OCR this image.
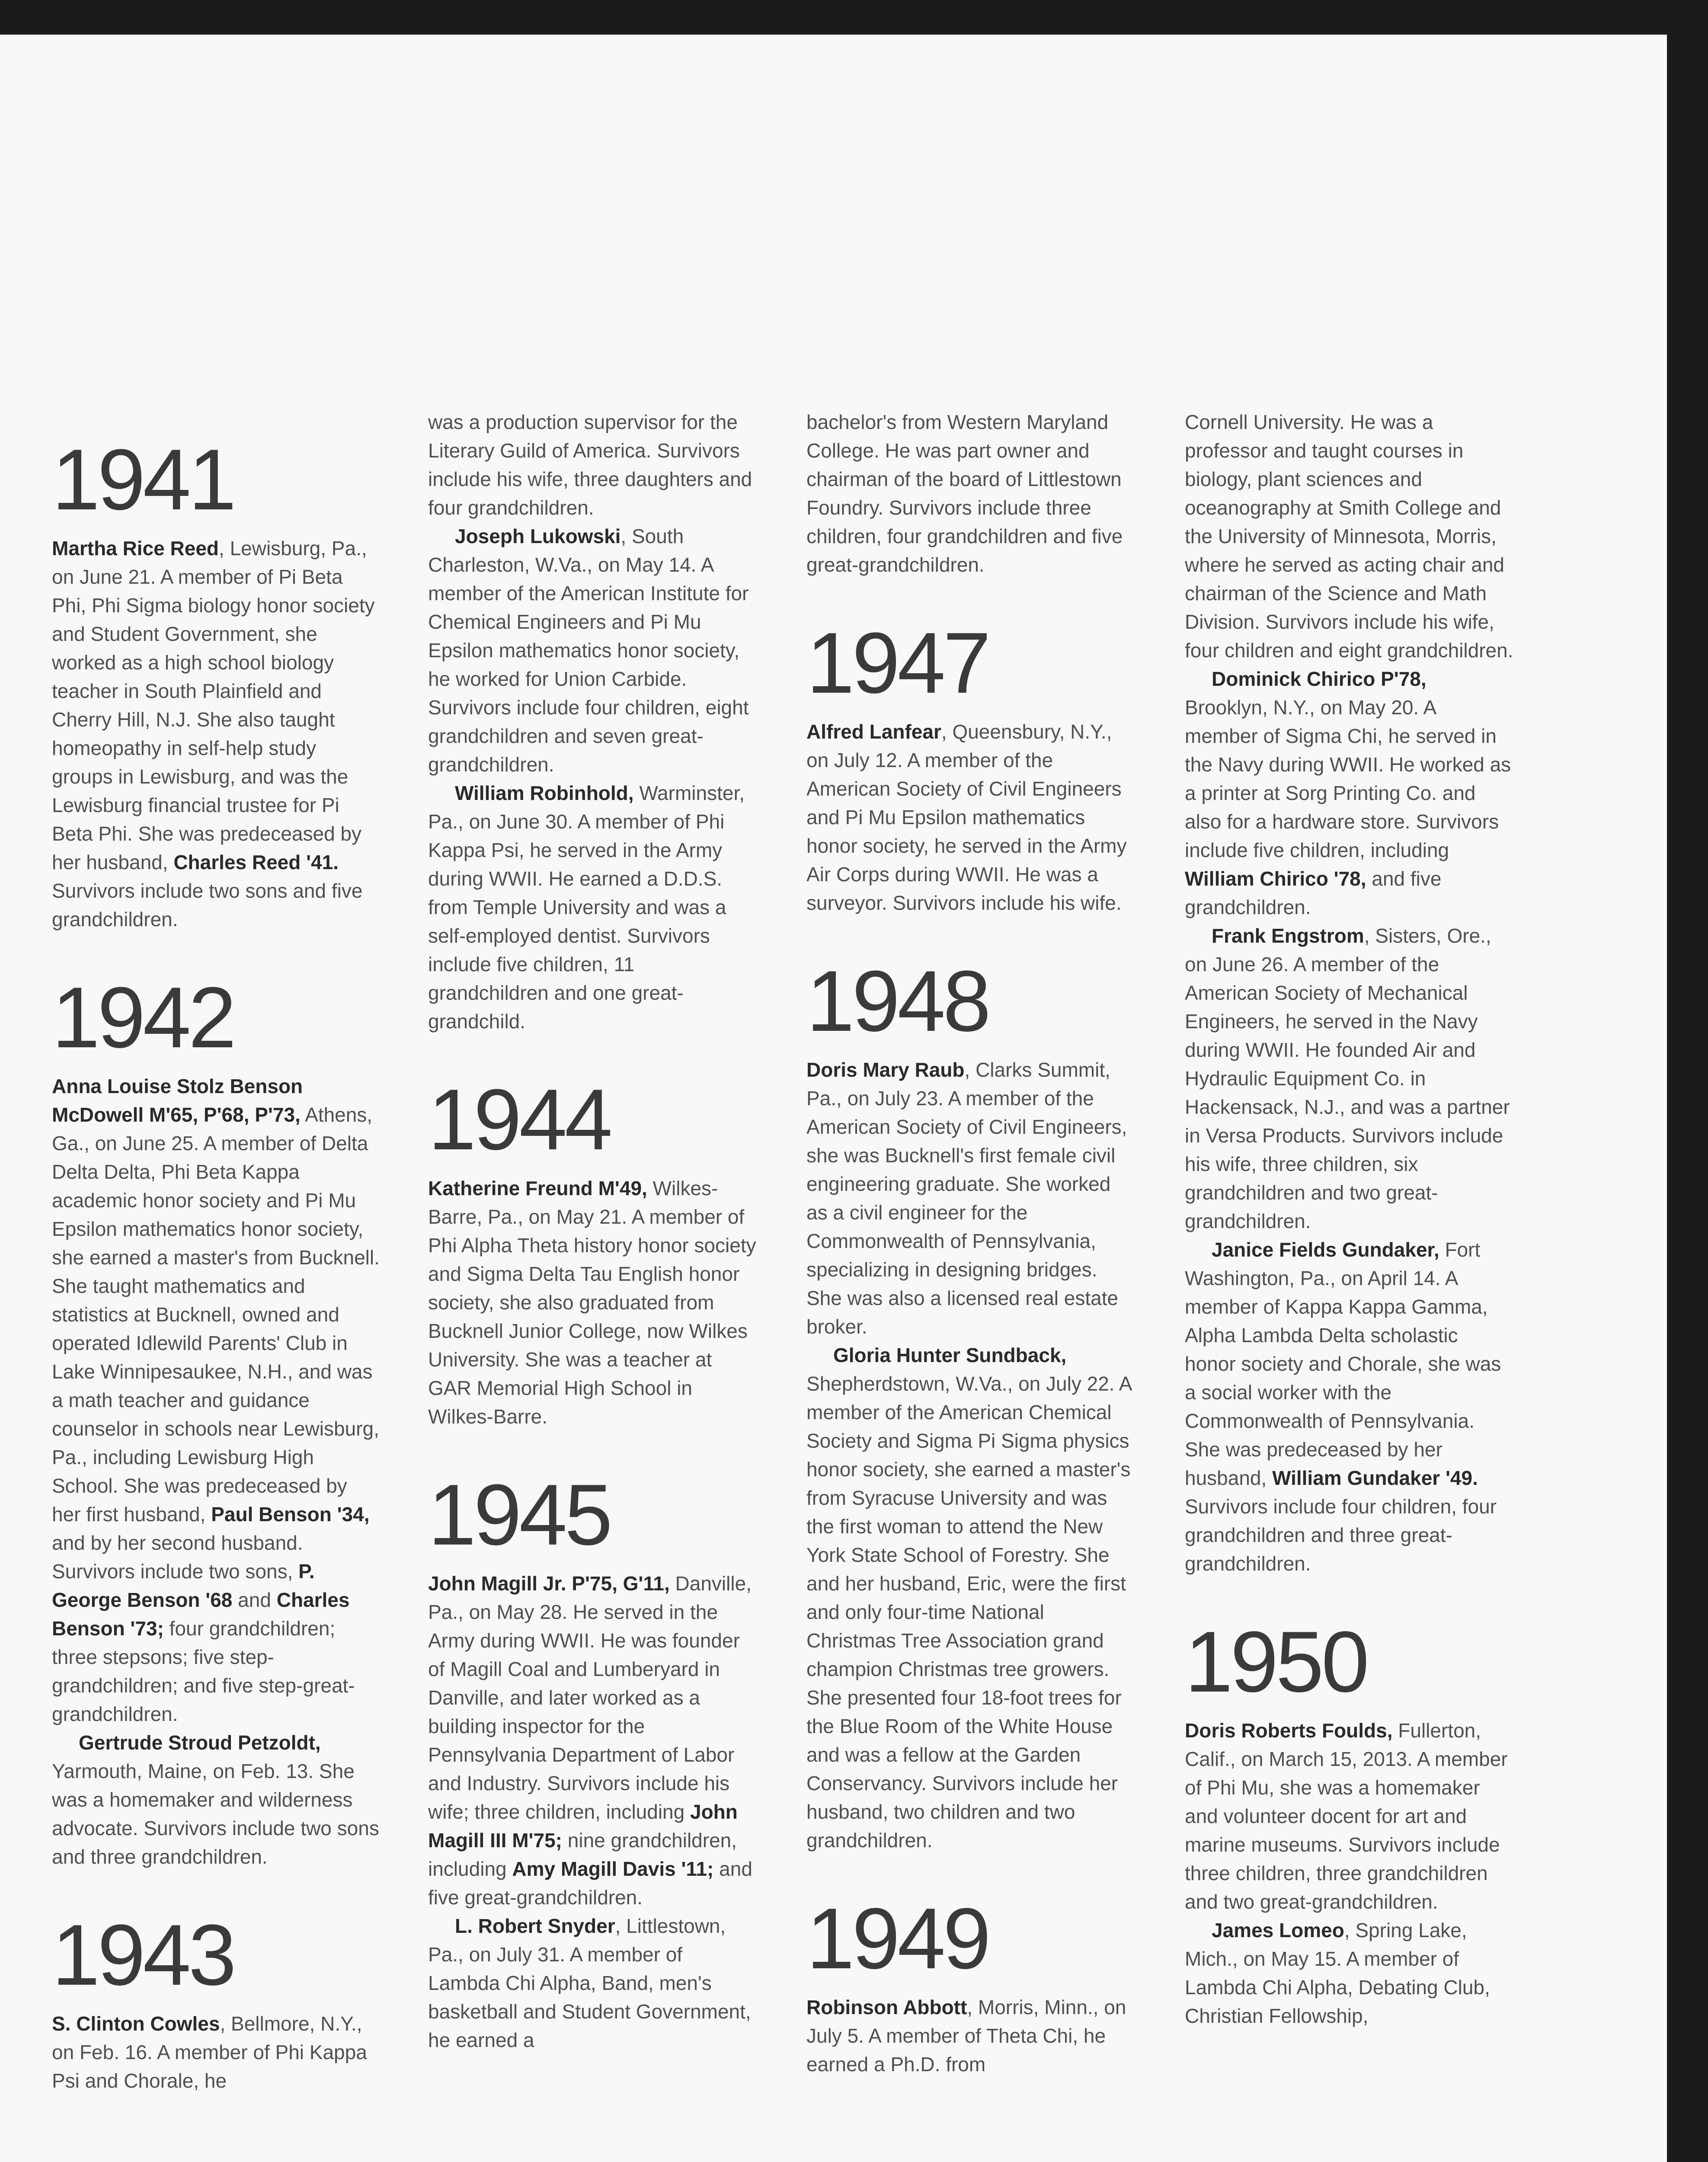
1941

Martha Rice Reed, Lewisburg, Pa., on June 21. A member of Pi Beta Phi, Phi Sigma biology honor society and Student Government, she worked as a high school biology teacher in South Plainfield and Cherry Hill, N.J. She also taught homeopathy in self-help study groups in Lewisburg, and was the Lewisburg financial trustee for Pi Beta Phi. She was predeceased by her husband, Charles Reed '41. Survivors include two sons and five grandchildren.

1942

Anna Louise Stolz Benson McDowell M'65, P'68, P'73, Athens, Ga., on June 25. A member of Delta Delta Delta, Phi Beta Kappa academic honor society and Pi Mu Epsilon mathematics honor society, she earned a master's from Bucknell. She taught mathematics and statistics at Bucknell, owned and operated Idlewild Parents' Club in Lake Winnipesaukee, N.H., and was a math teacher and guidance counselor in schools near Lewisburg, Pa., including Lewisburg High School. She was predeceased by her first husband, Paul Benson '34, and by her second husband. Survivors include two sons, P. George Benson '68 and Charles Benson '73; four grandchildren; three stepsons; five step-grandchildren; and five step-great-grandchildren.

Gertrude Stroud Petzoldt, Yarmouth, Maine, on Feb. 13. She was a homemaker and wilderness advocate. Survivors include two sons and three grandchildren.

1943

S. Clinton Cowles, Bellmore, N.Y., on Feb. 16. A member of Phi Kappa Psi and Chorale, he

was a production supervisor for the Literary Guild of America. Survivors include his wife, three daughters and four grandchildren.

Joseph Lukowski, South Charleston, W.Va., on May 14. A member of the American Institute for Chemical Engineers and Pi Mu Epsilon mathematics honor society, he worked for Union Carbide. Survivors include four children, eight grandchildren and seven great-grandchildren.

William Robinhold, Warminster, Pa., on June 30. A member of Phi Kappa Psi, he served in the Army during WWII. He earned a D.D.S. from Temple University and was a self-employed dentist. Survivors include five children, 11 grandchildren and one great-grandchild.

1944

Katherine Freund M'49, Wilkes-Barre, Pa., on May 21. A member of Phi Alpha Theta history honor society and Sigma Delta Tau English honor society, she also graduated from Bucknell Junior College, now Wilkes University. She was a teacher at GAR Memorial High School in Wilkes-Barre.

1945

John Magill Jr. P'75, G'11, Danville, Pa., on May 28. He served in the Army during WWII. He was founder of Magill Coal and Lumberyard in Danville, and later worked as a building inspector for the Pennsylvania Department of Labor and Industry. Survivors include his wife; three children, including John Magill III M'75; nine grandchildren, including Amy Magill Davis '11; and five great-grandchildren.

L. Robert Snyder, Littlestown, Pa., on July 31. A member of Lambda Chi Alpha, Band, men's basketball and Student Government, he earned a

bachelor's from Western Maryland College. He was part owner and chairman of the board of Littlestown Foundry. Survivors include three children, four grandchildren and five great-grandchildren.

1947

Alfred Lanfear, Queensbury, N.Y., on July 12. A member of the American Society of Civil Engineers and Pi Mu Epsilon mathematics honor society, he served in the Army Air Corps during WWII. He was a surveyor. Survivors include his wife.

1948

Doris Mary Raub, Clarks Summit, Pa., on July 23. A member of the American Society of Civil Engineers, she was Bucknell's first female civil engineering graduate. She worked as a civil engineer for the Commonwealth of Pennsylvania, specializing in designing bridges. She was also a licensed real estate broker.

Gloria Hunter Sundback, Shepherdstown, W.Va., on July 22. A member of the American Chemical Society and Sigma Pi Sigma physics honor society, she earned a master's from Syracuse University and was the first woman to attend the New York State School of Forestry. She and her husband, Eric, were the first and only four-time National Christmas Tree Association grand champion Christmas tree growers. She presented four 18-foot trees for the Blue Room of the White House and was a fellow at the Garden Conservancy. Survivors include her husband, two children and two grandchildren.

1949

Robinson Abbott, Morris, Minn., on July 5. A member of Theta Chi, he earned a Ph.D. from

Cornell University. He was a professor and taught courses in biology, plant sciences and oceanography at Smith College and the University of Minnesota, Morris, where he served as acting chair and chairman of the Science and Math Division. Survivors include his wife, four children and eight grandchildren.

Dominick Chirico P'78, Brooklyn, N.Y., on May 20. A member of Sigma Chi, he served in the Navy during WWII. He worked as a printer at Sorg Printing Co. and also for a hardware store. Survivors include five children, including William Chirico '78, and five grandchildren.

Frank Engstrom, Sisters, Ore., on June 26. A member of the American Society of Mechanical Engineers, he served in the Navy during WWII. He founded Air and Hydraulic Equipment Co. in Hackensack, N.J., and was a partner in Versa Products. Survivors include his wife, three children, six grandchildren and two great-grandchildren.

Janice Fields Gundaker, Fort Washington, Pa., on April 14. A member of Kappa Kappa Gamma, Alpha Lambda Delta scholastic honor society and Chorale, she was a social worker with the Commonwealth of Pennsylvania. She was predeceased by her husband, William Gundaker '49. Survivors include four children, four grandchildren and three great-grandchildren.

1950

Doris Roberts Foulds, Fullerton, Calif., on March 15, 2013. A member of Phi Mu, she was a homemaker and volunteer docent for art and marine museums. Survivors include three children, three grandchildren and two great-grandchildren.

James Lomeo, Spring Lake, Mich., on May 15. A member of Lambda Chi Alpha, Debating Club, Christian Fellowship,
